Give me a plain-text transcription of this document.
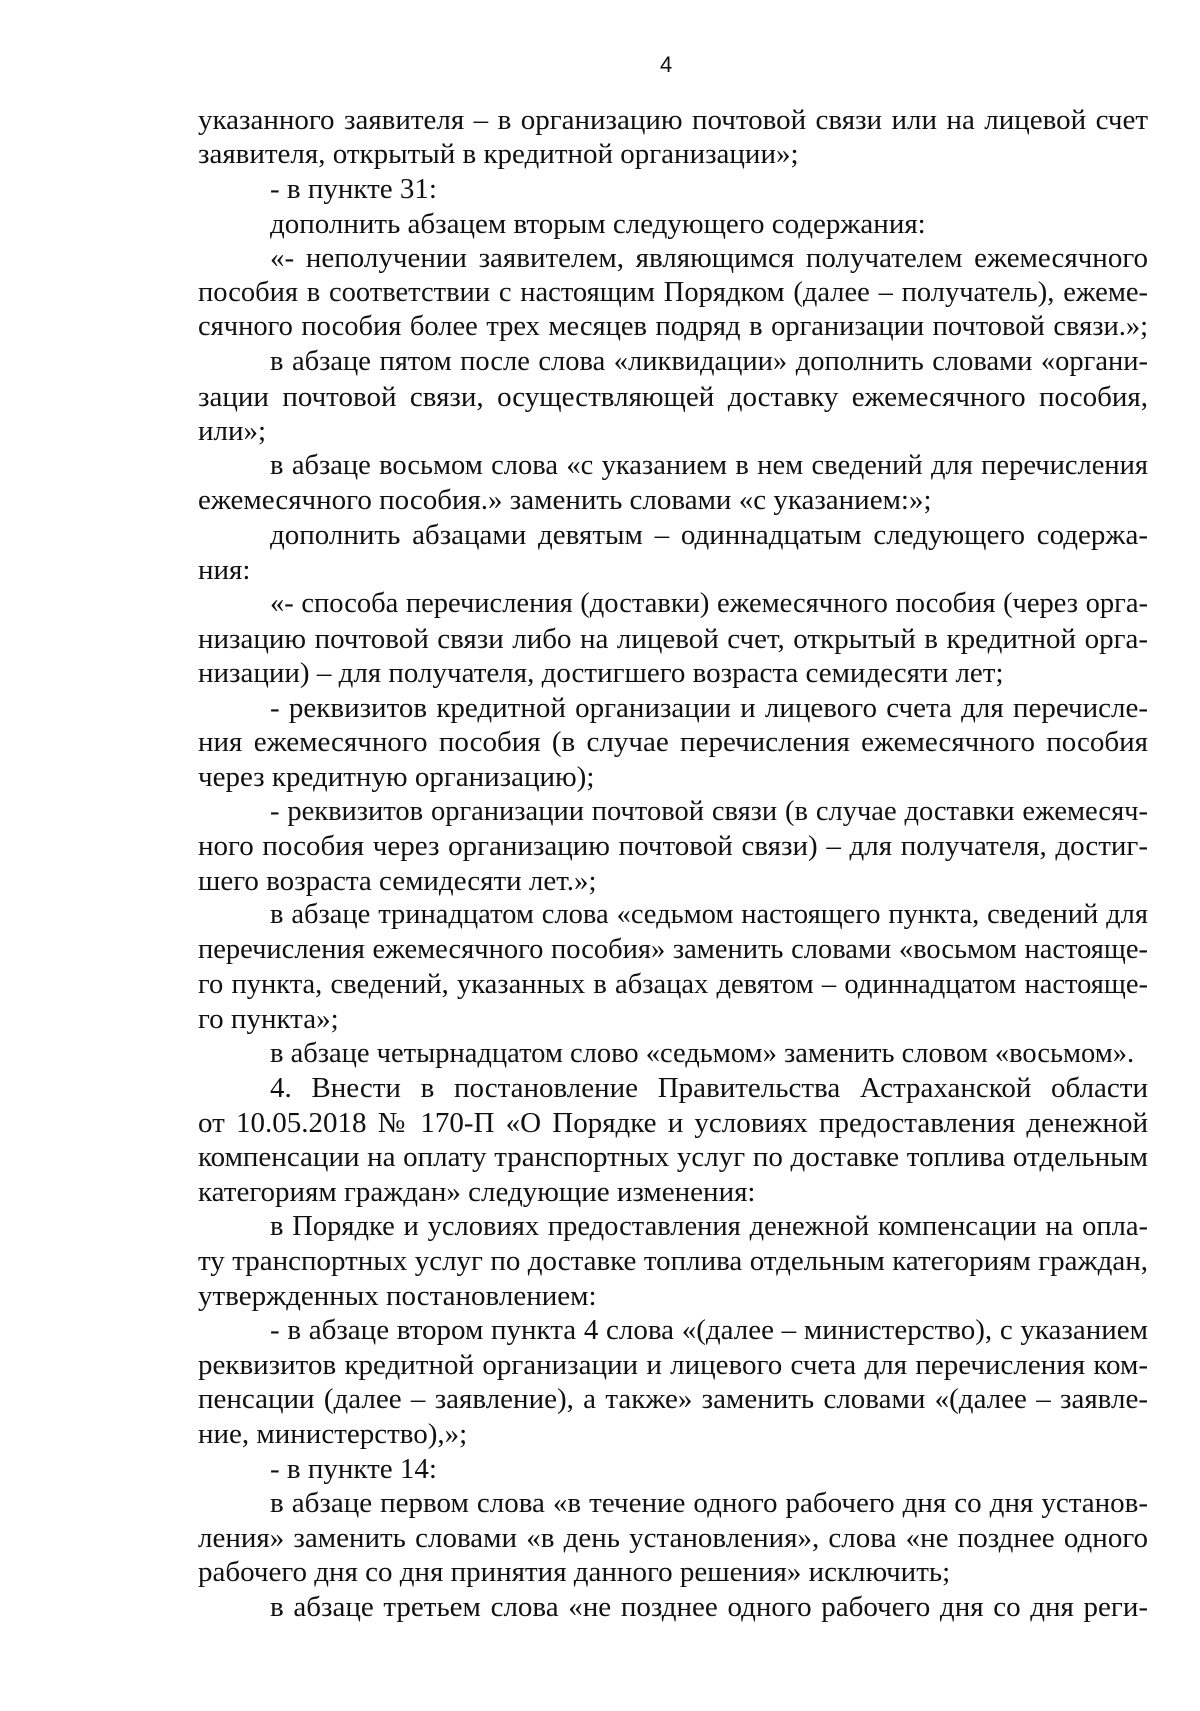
4
указанного заявителя – в организацию почтовой связи или на лицевой счет
заявителя, открытый в кредитной организации»;
- в пункте 31:
дополнить абзацем вторым следующего содержания:
«- неполучении заявителем, являющимся получателем ежемесячного
пособия в соответствии с настоящим Порядком (далее – получатель), ежеме-
сячного пособия более трех месяцев подряд в организации почтовой связи.»;
в абзаце пятом после слова «ликвидации» дополнить словами «органи-
зации почтовой связи, осуществляющей доставку ежемесячного пособия,
или»;
в абзаце восьмом слова «с указанием в нем сведений для перечисления
ежемесячного пособия.» заменить словами «с указанием:»;
дополнить абзацами девятым – одиннадцатым следующего содержа-
ния:
«- способа перечисления (доставки) ежемесячного пособия (через орга-
низацию почтовой связи либо на лицевой счет, открытый в кредитной орга-
низации) – для получателя, достигшего возраста семидесяти лет;
- реквизитов кредитной организации и лицевого счета для перечисле-
ния ежемесячного пособия (в случае перечисления ежемесячного пособия
через кредитную организацию);
- реквизитов организации почтовой связи (в случае доставки ежемесяч-
ного пособия через организацию почтовой связи) – для получателя, достиг-
шего возраста семидесяти лет.»;
в абзаце тринадцатом слова «седьмом настоящего пункта, сведений для
перечисления ежемесячного пособия» заменить словами «восьмом настояще-
го пункта, сведений, указанных в абзацах девятом – одиннадцатом настояще-
го пункта»;
в абзаце четырнадцатом слово «седьмом» заменить словом «восьмом».
4. Внести в постановление Правительства Астраханской области
от 10.05.2018 № 170-П «О Порядке и условиях предоставления денежной
компенсации на оплату транспортных услуг по доставке топлива отдельным
категориям граждан» следующие изменения:
в Порядке и условиях предоставления денежной компенсации на опла-
ту транспортных услуг по доставке топлива отдельным категориям граждан,
утвержденных постановлением:
- в абзаце втором пункта 4 слова «(далее – министерство), с указанием
реквизитов кредитной организации и лицевого счета для перечисления ком-
пенсации (далее – заявление), а также» заменить словами «(далее – заявле-
ние, министерство),»;
- в пункте 14:
в абзаце первом слова «в течение одного рабочего дня со дня установ-
ления» заменить словами «в день установления», слова «не позднее одного
рабочего дня со дня принятия данного решения» исключить;
в абзаце третьем слова «не позднее одного рабочего дня со дня реги-
